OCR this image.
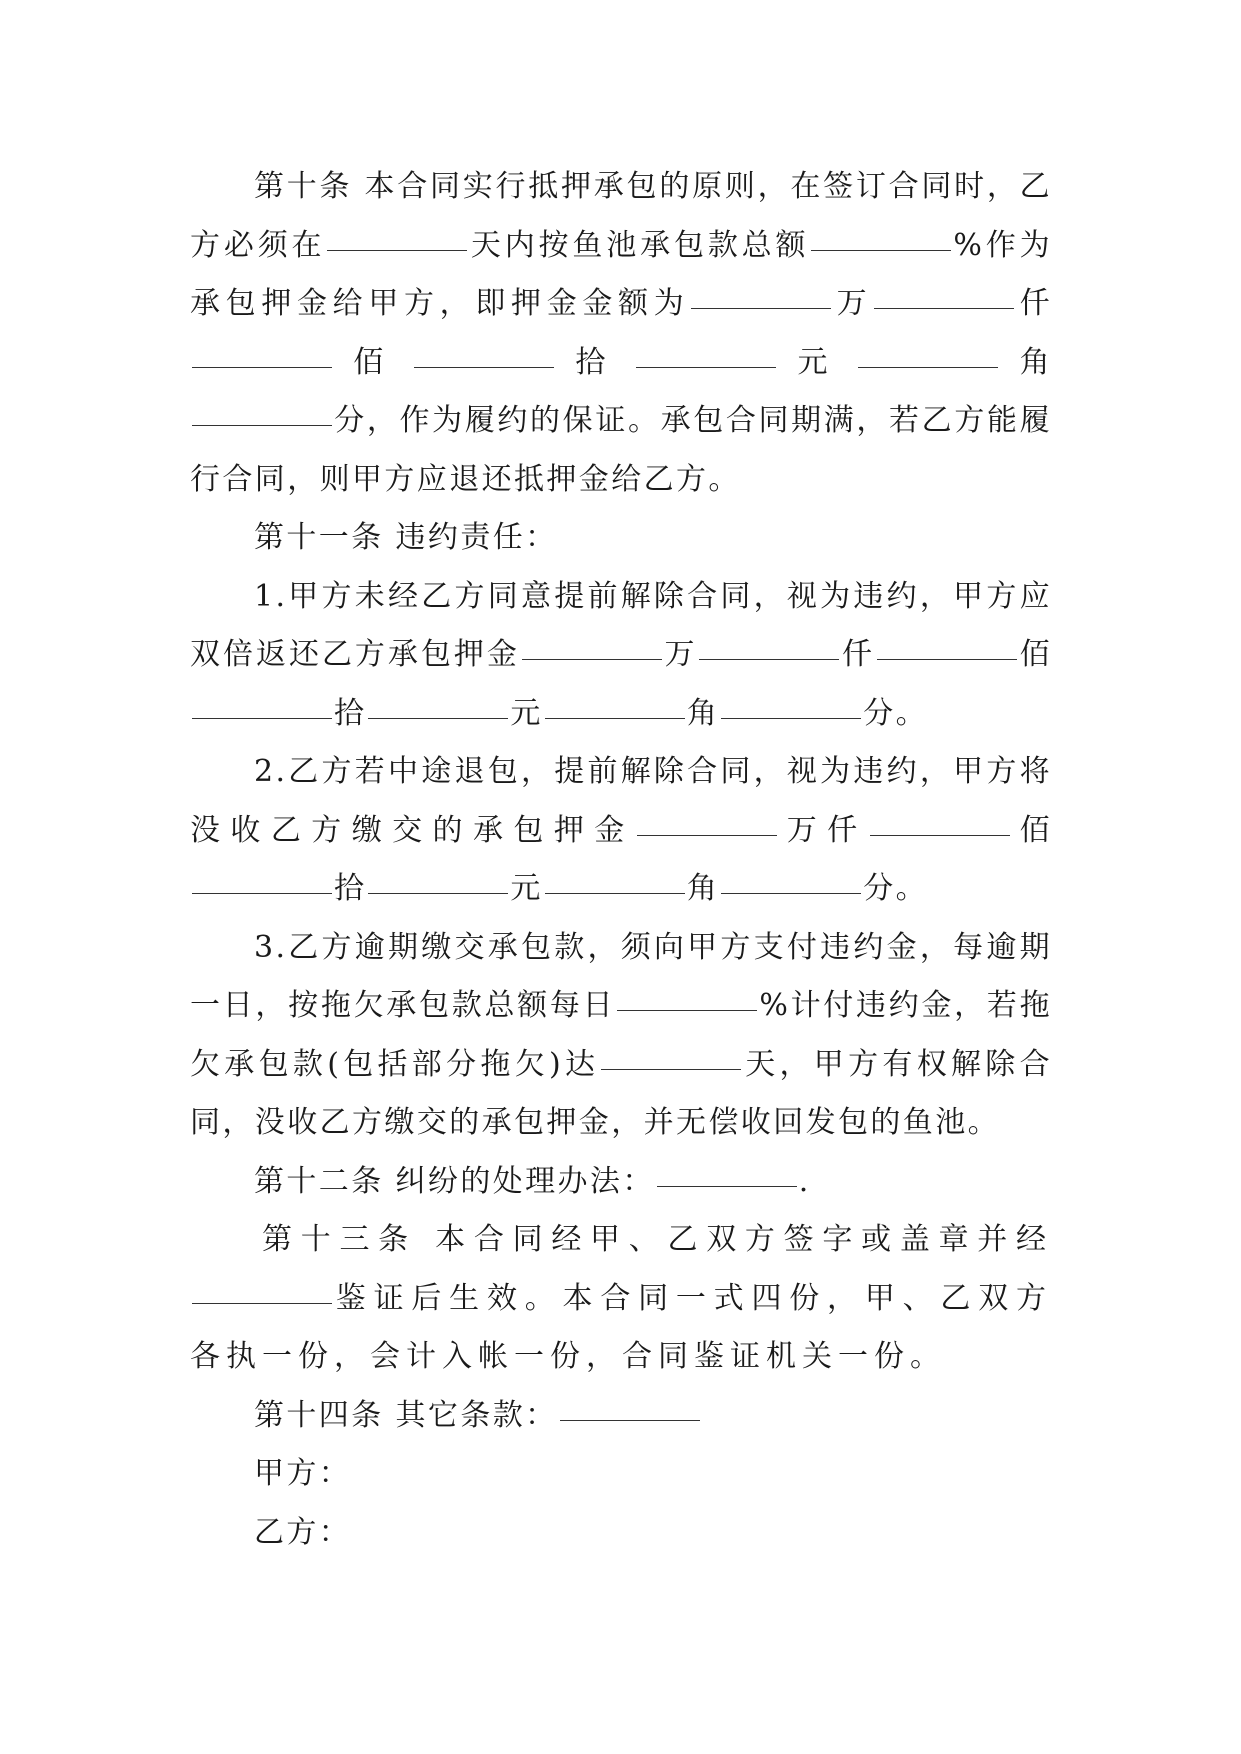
第十条 本合同实行抵押承包的原则，在签订合同时，乙方必须在	天内按鱼池承包款总额	%作为承包押金给甲方，即押金金额为	万	仟  佰	拾	元	角 分，作为履约的保证。承包合同期满，若乙方能履行合同，则甲方应退还抵押金给乙方。

第十一条 违约责任：

1.甲方未经乙方同意提前解除合同，视为违约，甲方应双倍返还乙方承包押金	万	仟	佰拾	元	角	分。

2.乙方若中途退包，提前解除合同，视为违约，甲方将没收乙方缴交的承包押金	万仟	佰拾	元	角	分。

3.乙方逾期缴交承包款，须向甲方支付违约金，每逾期一日，按拖欠承包款总额每日	%计付违约金，若拖欠承包款(包括部分拖欠)达	天，甲方有权解除合同，没收乙方缴交的承包押金，并无偿收回发包的鱼池。

第十二条 纠纷的处理办法：	.

第十三条 本合同经甲、乙双方签字或盖章并经鉴证后生效。本合同一式四份，甲、乙双方各执一份，会计入帐一份，合同鉴证机关一份。

第十四条 其它条款：

甲方：

乙方：
